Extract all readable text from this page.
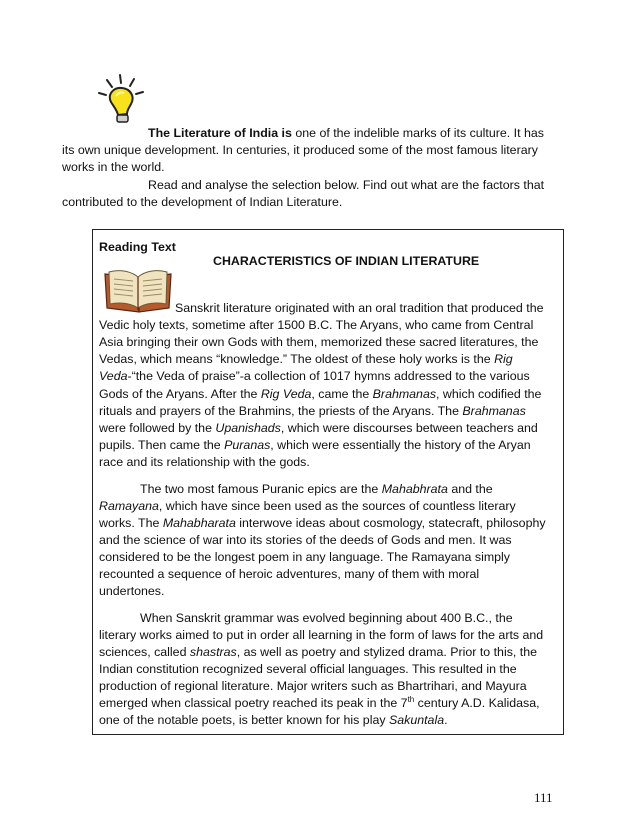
The Literature of India is one of the indelible marks of its culture. It has
its own unique development. In centuries, it produced some of the most famous literary
works in the world.
Read and analyse the selection below. Find out what are the factors that
contributed to the development of Indian Literature.
Reading Text
CHARACTERISTICS OF INDIAN LITERATURE
Sanskrit literature originated with an oral tradition that produced the
Vedic holy texts, sometime after 1500 B.C. The Aryans, who came from Central
Asia bringing their own Gods with them, memorized these sacred literatures, the
Vedas, which means “knowledge.” The oldest of these holy works is the Rig
Veda-“the Veda of praise”-a collection of 1017 hymns addressed to the various
Gods of the Aryans. After the Rig Veda, came the Brahmanas, which codified the
rituals and prayers of the Brahmins, the priests of the Aryans. The Brahmanas
were followed by the Upanishads, which were discourses between teachers and
pupils. Then came the Puranas, which were essentially the history of the Aryan
race and its relationship with the gods.
The two most famous Puranic epics are the Mahabhrata and the
Ramayana, which have since been used as the sources of countless literary
works. The Mahabharata interwove ideas about cosmology, statecraft, philosophy
and the science of war into its stories of the deeds of Gods and men. It was
considered to be the longest poem in any language. The Ramayana simply
recounted a sequence of heroic adventures, many of them with moral
undertones.
When Sanskrit grammar was evolved beginning about 400 B.C., the
literary works aimed to put in order all learning in the form of laws for the arts and
sciences, called shastras, as well as poetry and stylized drama. Prior to this, the
Indian constitution recognized several official languages. This resulted in the
production of regional literature. Major writers such as Bhartrihari, and Mayura
emerged when classical poetry reached its peak in the 7th century A.D. Kalidasa,
one of the notable poets, is better known for his play Sakuntala.
111
